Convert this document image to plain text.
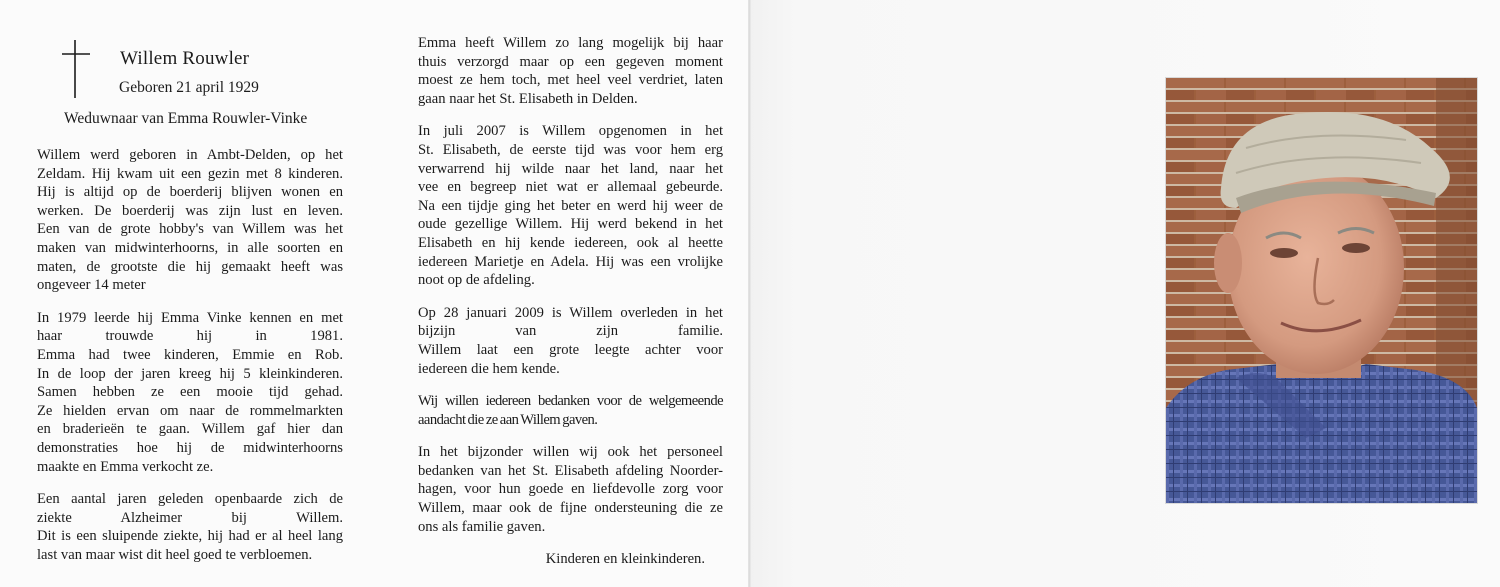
Willem Rouwler
Geboren 21 april 1929
Weduwnaar van Emma Rouwler-Vinke

Willem werd geboren in Ambt-Delden, op het
Zeldam. Hij kwam uit een gezin met 8 kinderen.
Hij is altijd op de boerderij blijven wonen en
werken. De boerderij was zijn lust en leven.
Een van de grote hobby's van Willem was het
maken van midwinterhoorns, in alle soorten en
maten, de grootste die hij gemaakt heeft was
ongeveer 14 meter

In 1979 leerde hij Emma Vinke kennen en met
haar trouwde hij in 1981.
Emma had twee kinderen, Emmie en Rob.
In de loop der jaren kreeg hij 5 kleinkinderen.
Samen hebben ze een mooie tijd gehad.
Ze hielden ervan om naar de rommelmarkten
en braderieën te gaan. Willem gaf hier dan
demonstraties hoe hij de midwinterhoorns
maakte en Emma verkocht ze.

Een aantal jaren geleden openbaarde zich de
ziekte Alzheimer bij Willem.
Dit is een sluipende ziekte, hij had er al heel lang
last van maar wist dit heel goed te verbloemen.

Emma heeft Willem zo lang mogelijk bij haar
thuis verzorgd maar op een gegeven moment
moest ze hem toch, met heel veel verdriet, laten
gaan naar het St. Elisabeth in Delden.

In juli 2007 is Willem opgenomen in het
St. Elisabeth, de eerste tijd was voor hem erg
verwarrend hij wilde naar het land, naar het
vee en begreep niet wat er allemaal gebeurde.
Na een tijdje ging het beter en werd hij weer de
oude gezellige Willem. Hij werd bekend in het
Elisabeth en hij kende iedereen, ook al heette
iedereen Marietje en Adela. Hij was een vrolijke
noot op de afdeling.

Op 28 januari 2009 is Willem overleden in het
bijzijn van zijn familie.
Willem laat een grote leegte achter voor
iedereen die hem kende.

Wij willen iedereen bedanken voor de welgemeende
aandacht die ze aan Willem gaven.

In het bijzonder willen wij ook het personeel
bedanken van het St. Elisabeth afdeling Noorder-
hagen, voor hun goede en liefdevolle zorg voor
Willem, maar ook de fijne ondersteuning die ze
ons als familie gaven.

Kinderen en kleinkinderen.
